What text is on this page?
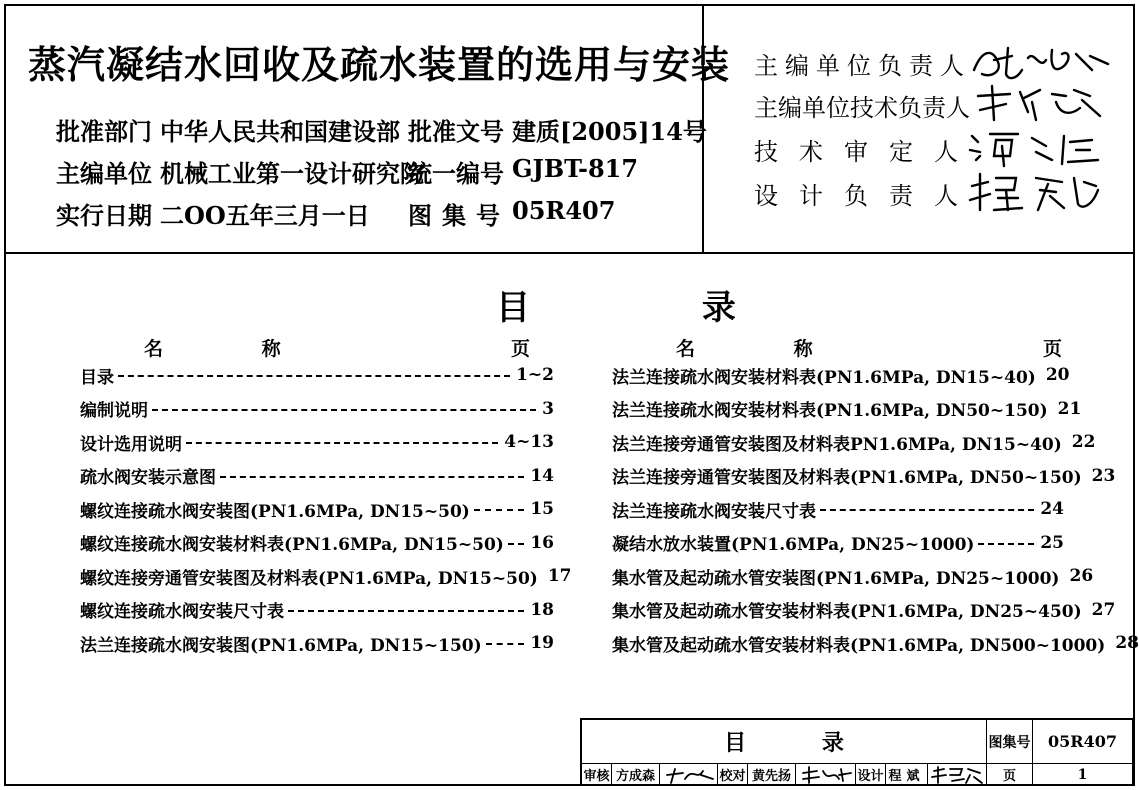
蒸汽凝结水回收及疏水装置的选用与安装
批准部门 中华人民共和国建设部 批准文号 建质[2005]14号
主编单位 机械工业第一设计研究院
统一编号 GJBT-817
实行日期 二OO五年三月一日 图集号 05R407
主编单位负责人
主编单位技术负责人
技术审定人
设计负责人
目 录
名 称	页	名 称	页
目录	1~2
编制说明	3
设计选用说明	4~13
疏水阀安装示意图	14
螺纹连接疏水阀安装图(PN1.6MPa, DN15~50)	15
螺纹连接疏水阀安装材料表(PN1.6MPa, DN15~50) 16
螺纹连接旁通管安装图及材料表(PN1.6MPa, DN15~50) 17
螺纹连接疏水阀安装尺寸表	18
法兰连接疏水阀安装图(PN1.6MPa, DN15~150)	19
法兰连接疏水阀安装材料表(PN1.6MPa, DN15~40) 20
法兰连接疏水阀安装材料表(PN1.6MPa, DN50~150) 21
法兰连接旁通管安装图及材料表PN1.6MPa, DN15~40) 22
法兰连接旁通管安装图及材料表(PN1.6MPa, DN50~150) 23
法兰连接疏水阀安装尺寸表	24
凝结水放水装置(PN1.6MPa, DN25~1000)	25
集水管及起动疏水管安装图(PN1.6MPa, DN25~1000) 26
集水管及起动疏水管安装材料表(PN1.6MPa, DN25~450) 27
集水管及起动疏水管安装材料表(PN1.6MPa, DN500~1000) 28
目 录	图集号	05R407
审核 方成森	校对 黄先扬	设计 程斌	页	1
